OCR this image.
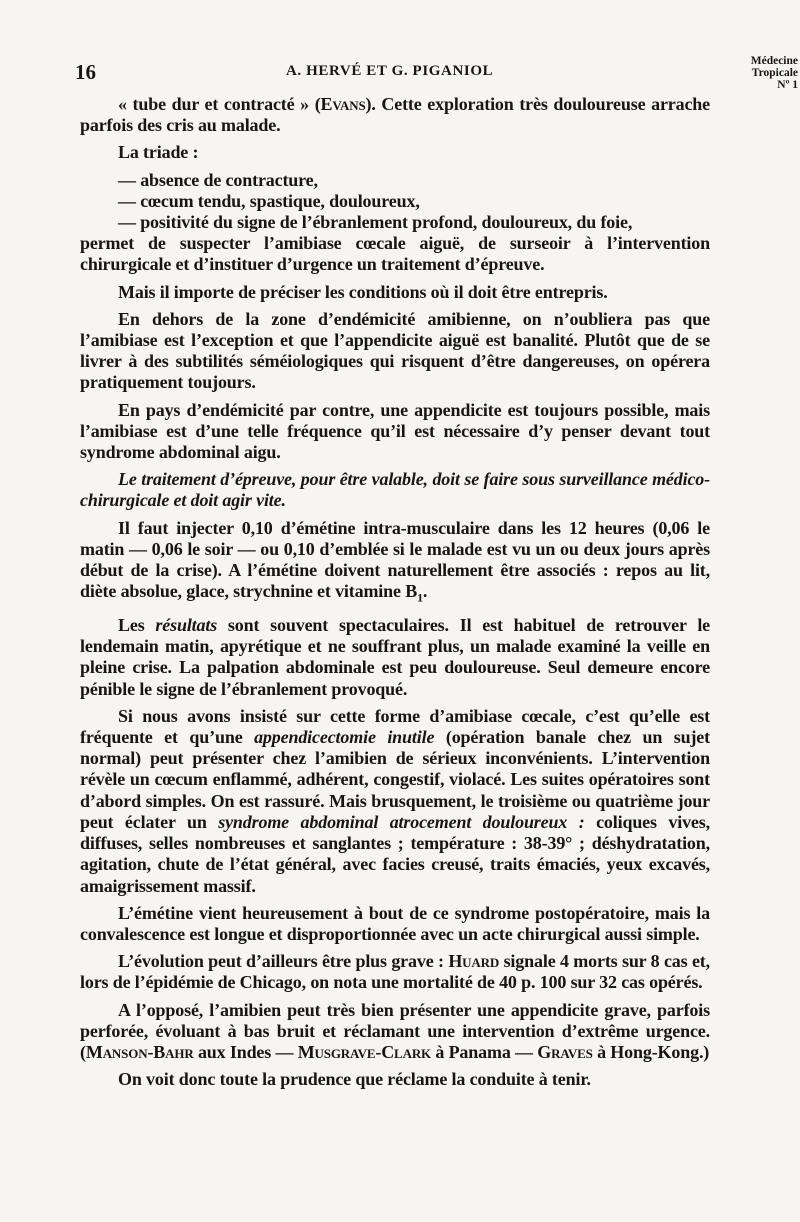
16	A. HERVÉ ET G. PIGANIOL
Médecine
Tropicale
Nº 1

« tube dur et contracté » (Evans). Cette exploration très douloureuse arrache parfois des cris au malade.

La triade :

— absence de contracture,

— cœcum tendu, spastique, douloureux,

— positivité du signe de l’ébranlement profond, douloureux, du foie,

permet de suspecter l’amibiase cœcale aiguë, de surseoir à l’intervention chirurgicale et d’instituer d’urgence un traitement d’épreuve.

Mais il importe de préciser les conditions où il doit être entrepris.

En dehors de la zone d’endémicité amibienne, on n’oubliera pas que l’amibiase est l’exception et que l’appendicite aiguë est banalité. Plutôt que de se livrer à des subtilités séméiologiques qui risquent d’être dangereuses, on opérera pratiquement toujours.

En pays d’endémicité par contre, une appendicite est toujours possible, mais l’amibiase est d’une telle fréquence qu’il est nécessaire d’y penser devant tout syndrome abdominal aigu.

Le traitement d’épreuve, pour être valable, doit se faire sous surveillance médico-chirurgicale et doit agir vite.

Il faut injecter 0,10 d’émétine intra-musculaire dans les 12 heures (0,06 le matin — 0,06 le soir — ou 0,10 d’emblée si le malade est vu un ou deux jours après début de la crise). A l’émétine doivent naturellement être associés : repos au lit, diète absolue, glace, strychnine et vitamine $B_1$.

Les résultats sont souvent spectaculaires. Il est habituel de retrouver le lendemain matin, apyrétique et ne souffrant plus, un malade examiné la veille en pleine crise. La palpation abdominale est peu douloureuse. Seul demeure encore pénible le signe de l’ébranlement provoqué.

Si nous avons insisté sur cette forme d’amibiase cœcale, c’est qu’elle est fréquente et qu’une appendicectomie inutile (opération banale chez un sujet normal) peut présenter chez l’amibien de sérieux inconvénients. L’intervention révèle un cœcum enflammé, adhérent, congestif, violacé. Les suites opératoires sont d’abord simples. On est rassuré. Mais brusquement, le troisième ou quatrième jour peut éclater un syndrome abdominal atrocement douloureux : coliques vives, diffuses, selles nombreuses et sanglantes ; température : 38-39° ; déshydratation, agitation, chute de l’état général, avec facies creusé, traits émaciés, yeux excavés, amaigrissement massif.

L’émétine vient heureusement à bout de ce syndrome postopératoire, mais la convalescence est longue et disproportionnée avec un acte chirurgical aussi simple.

L’évolution peut d’ailleurs être plus grave : Huard signale 4 morts sur 8 cas et, lors de l’épidémie de Chicago, on nota une mortalité de 40 p. 100 sur 32 cas opérés.

A l’opposé, l’amibien peut très bien présenter une appendicite grave, parfois perforée, évoluant à bas bruit et réclamant une intervention d’extrême urgence. (Manson-Bahr aux Indes — Musgrave-Clark à Panama — Graves à Hong-Kong.)

On voit donc toute la prudence que réclame la conduite à tenir.
